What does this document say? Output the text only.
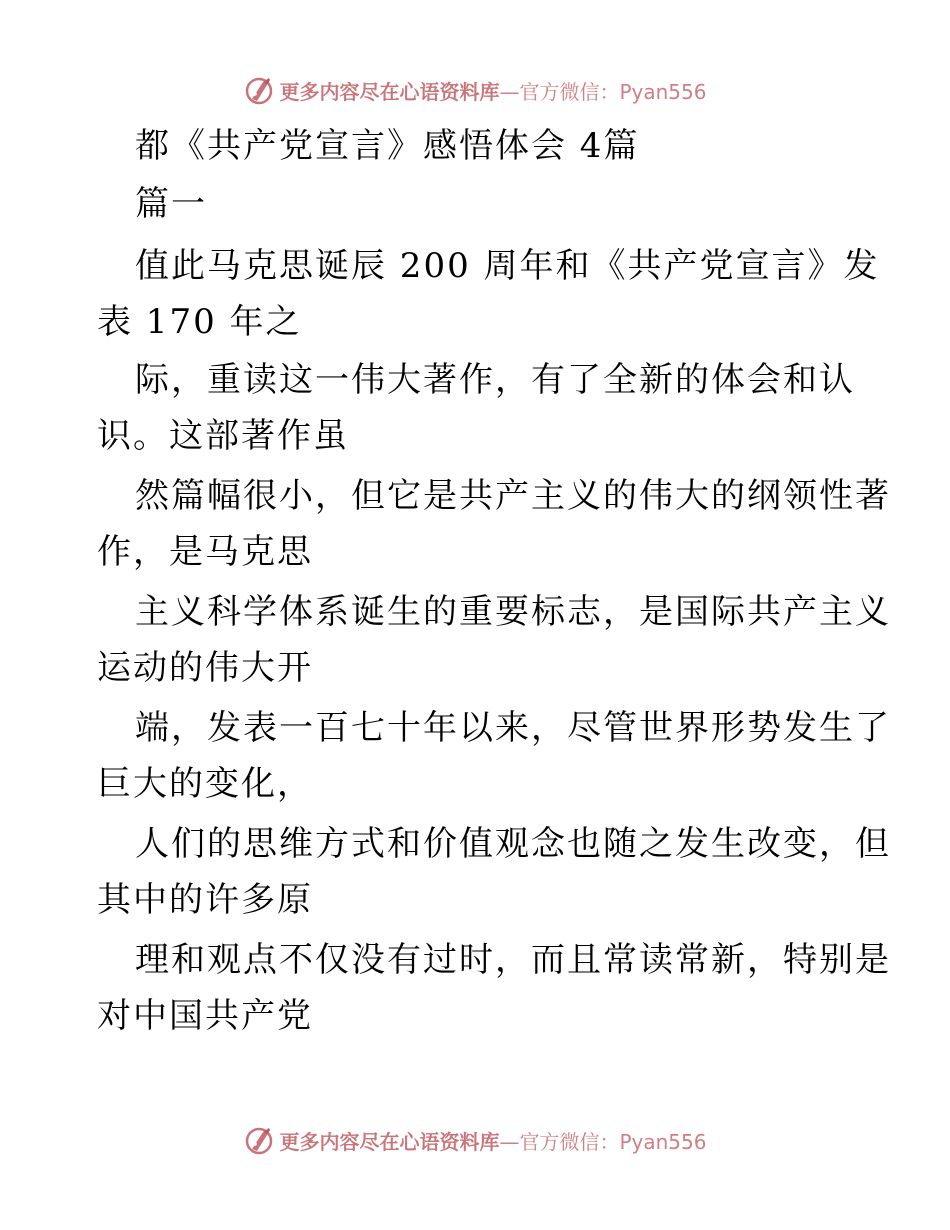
更多内容尽在心语资料库—官方微信：Pyan556
都《共产党宣言》感悟体会 4篇
篇一
值此马克思诞辰 200 周年和《共产党宣言》发
表 170 年之
际，重读这一伟大著作，有了全新的体会和认
识。这部著作虽
然篇幅很小，但它是共产主义的伟大的纲领性著
作，是马克思
主义科学体系诞生的重要标志，是国际共产主义
运动的伟大开
端，发表一百七十年以来，尽管世界形势发生了
巨大的变化，
人们的思维方式和价值观念也随之发生改变，但
其中的许多原
理和观点不仅没有过时，而且常读常新，特别是
对中国共产党
更多内容尽在心语资料库—官方微信：Pyan556
